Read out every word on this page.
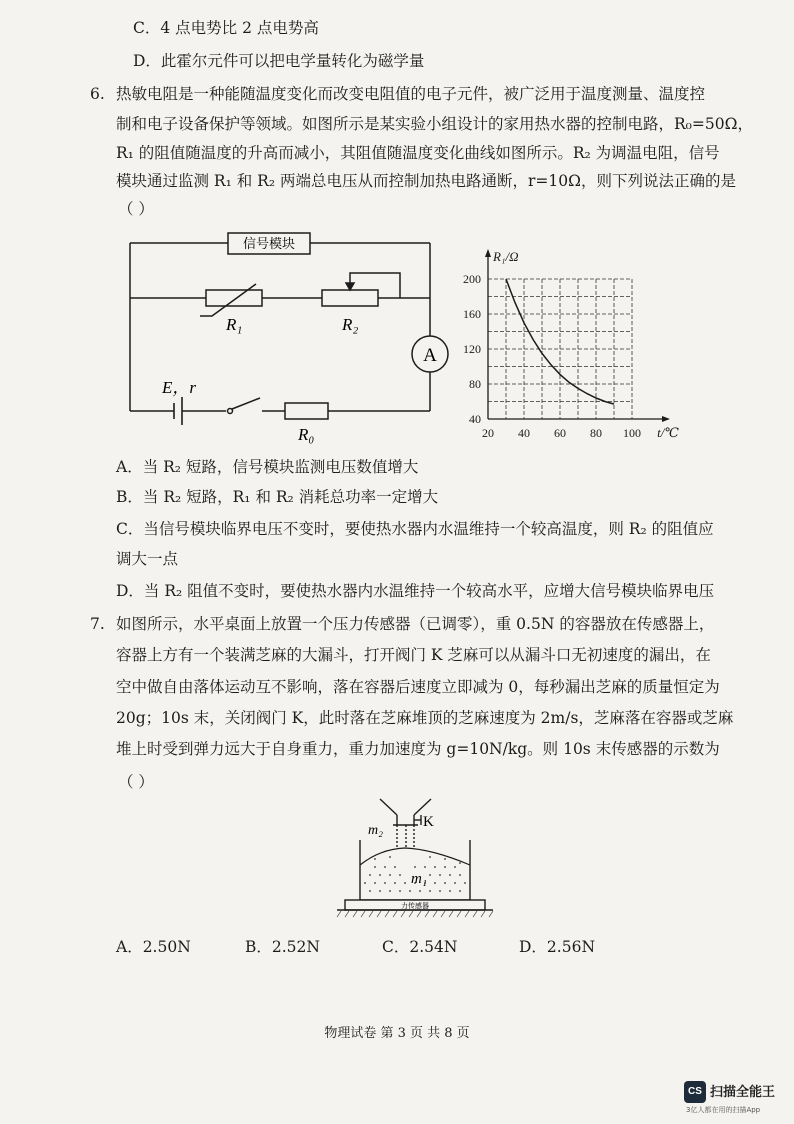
C．4 点电势比 2 点电势高
D．此霍尔元件可以把电学量转化为磁学量
6. 热敏电阻是一种能随温度变化而改变电阻值的电子元件，被广泛用于温度测量、温度控
制和电子设备保护等领域。如图所示是某实验小组设计的家用热水器的控制电路，R₀=50Ω，
R₁ 的阻值随温度的升高而减小，其阻值随温度变化曲线如图所示。R₂ 为调温电阻，信号
模块通过监测 R₁ 和 R₂ 两端总电压从而控制加热电路通断，r=10Ω，则下列说法正确的是
（ ）
信号模块
R₁	R₂
A
E，r
R₀	20 40 60 80 100
40
80
120
160
200
t/℃
R₁/Ω
A．当 R₂ 短路，信号模块监测电压数值增大
B．当 R₂ 短路，R₁ 和 R₂ 消耗总功率一定增大
C．当信号模块临界电压不变时，要使热水器内水温维持一个较高温度，则 R₂ 的阻值应
调大一点
D．当 R₂ 阻值不变时，要使热水器内水温维持一个较高水平，应增大信号模块临界电压
7. 如图所示，水平桌面上放置一个压力传感器（已调零），重 0.5N 的容器放在传感器上，
容器上方有一个装满芝麻的大漏斗，打开阀门 K 芝麻可以从漏斗口无初速度的漏出，在
空中做自由落体运动互不影响，落在容器后速度立即减为 0，每秒漏出芝麻的质量恒定为
20g；10s 末，关闭阀门 K，此时落在芝麻堆顶的芝麻速度为 2m/s，芝麻落在容器或芝麻
堆上时受到弹力远大于自身重力，重力加速度为 g=10N/kg。则 10s 末传感器的示数为
（ ）
m₂
K
m₁
力传感器
A．2.50N	B．2.52N	C．2.54N	D．2.56N
物理试卷 第 3 页 共 8 页
CS 扫描全能王
3亿人都在用的扫描App
